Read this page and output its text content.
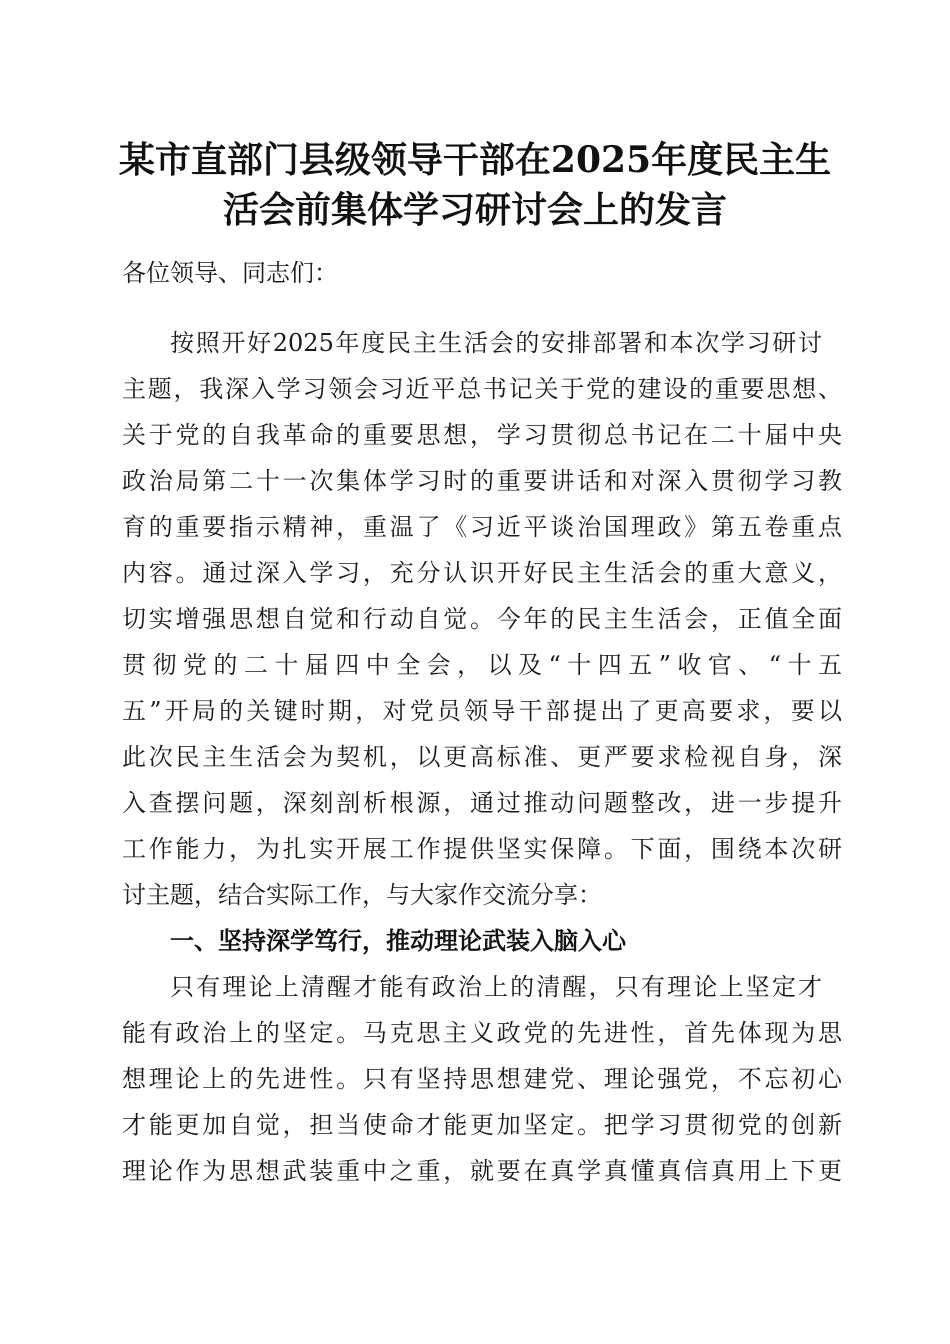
某市直部门县级领导干部在2025年度民主生
活会前集体学习研讨会上的发言
各位领导、同志们：
按照开好2025年度民主生活会的安排部署和本次学习研讨
主题，我深入学习领会习近平总书记关于党的建设的重要思想、
关于党的自我革命的重要思想，学习贯彻总书记在二十届中央
政治局第二十一次集体学习时的重要讲话和对深入贯彻学习教
育的重要指示精神，重温了《习近平谈治国理政》第五卷重点
内容。通过深入学习，充分认识开好民主生活会的重大意义，
切实增强思想自觉和行动自觉。今年的民主生活会，正值全面
贯彻党的二十届四中全会，以及“十四五”收官、“十五
五”开局的关键时期，对党员领导干部提出了更高要求，要以
此次民主生活会为契机，以更高标准、更严要求检视自身，深
入查摆问题，深刻剖析根源，通过推动问题整改，进一步提升
工作能力，为扎实开展工作提供坚实保障。下面，围绕本次研
讨主题，结合实际工作，与大家作交流分享：
一、坚持深学笃行，推动理论武装入脑入心
只有理论上清醒才能有政治上的清醒，只有理论上坚定才
能有政治上的坚定。马克思主义政党的先进性，首先体现为思
想理论上的先进性。只有坚持思想建党、理论强党，不忘初心
才能更加自觉，担当使命才能更加坚定。把学习贯彻党的创新
理论作为思想武装重中之重，就要在真学真懂真信真用上下更
